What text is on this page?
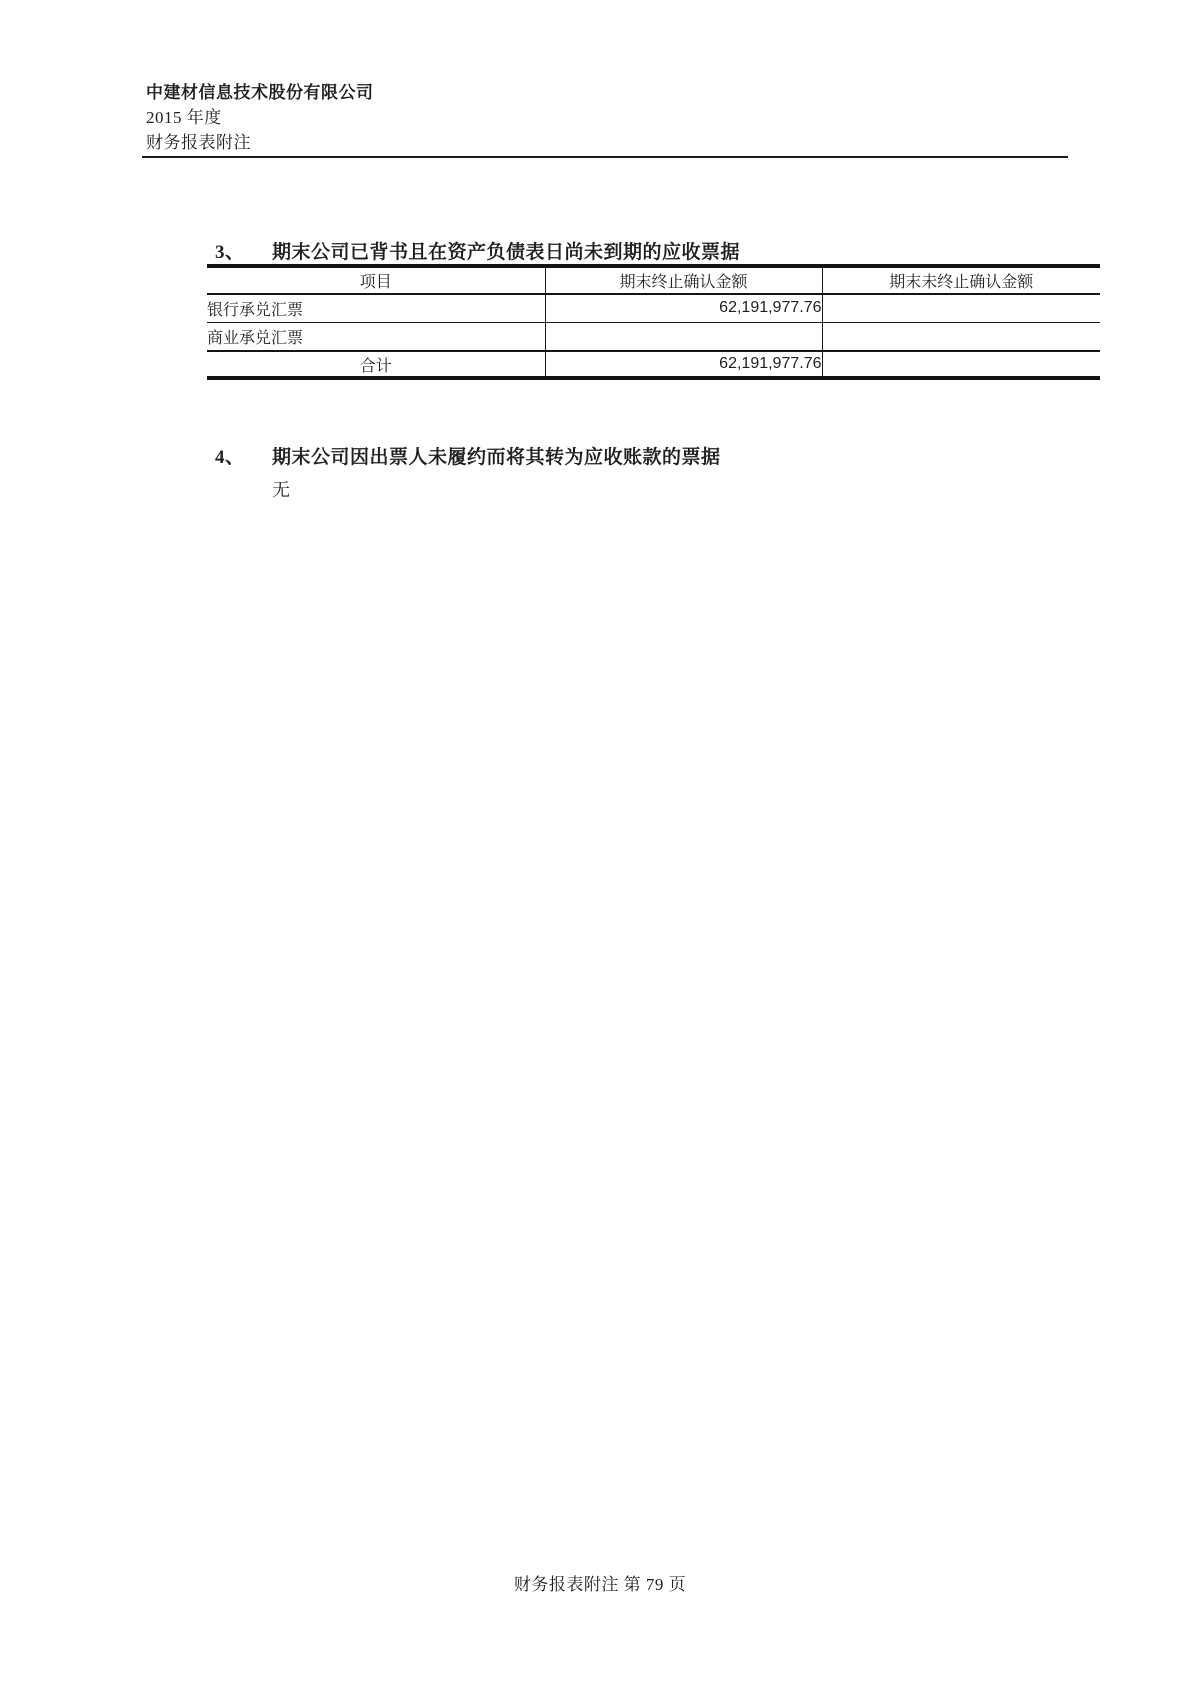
中建材信息技术股份有限公司
2015 年度
财务报表附注
3、 期末公司已背书且在资产负债表日尚未到期的应收票据
项目	期末终止确认金额	期末未终止确认金额
银行承兑汇票	62,191,977.76	
商业承兑汇票		
合计	62,191,977.76	
4、 期末公司因出票人未履约而将其转为应收账款的票据
无
财务报表附注 第 79 页
